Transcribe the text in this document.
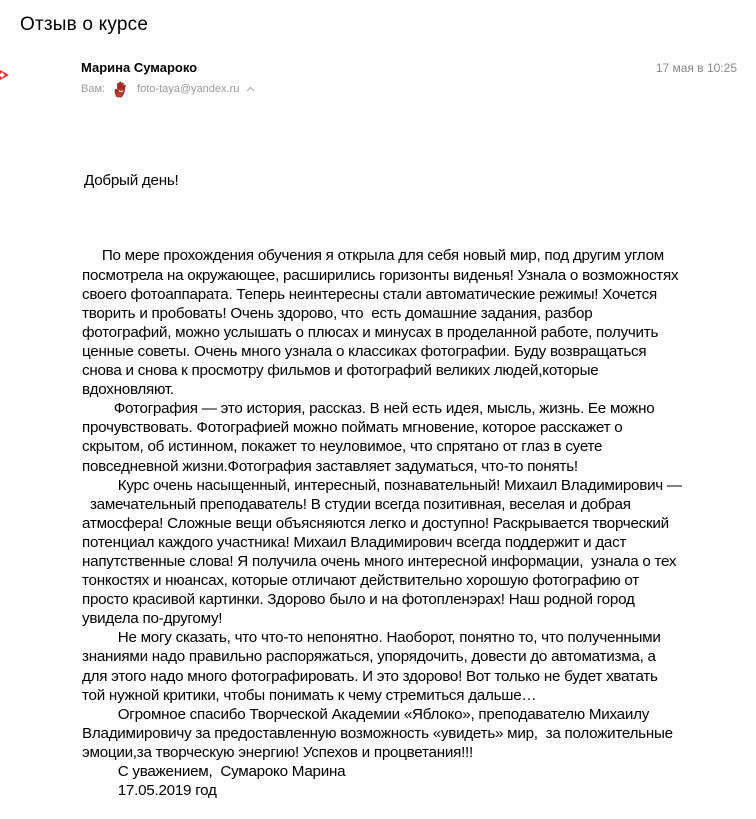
Отзыв о курсе
Марина Сумароко	17 мая в 10:25
Вам:	foto-taya@yandex.ru

Добрый день!

По мере прохождения обучения я открыла для себя новый мир, под другим углом
посмотрела на окружающее, расширились горизонты виденья! Узнала о возможностях
своего фотоаппарата. Теперь неинтересны стали автоматические режимы! Хочется
творить и пробовать! Очень здорово, что  есть домашние задания, разбор
фотографий, можно услышать о плюсах и минусах в проделанной работе, получить
ценные советы. Очень много узнала о классиках фотографии. Буду возвращаться
снова и снова к просмотру фильмов и фотографий великих людей,которые
вдохновляют.
Фотография — это история, рассказ. В ней есть идея, мысль, жизнь. Ее можно
прочувствовать. Фотографией можно поймать мгновение, которое расскажет о
скрытом, об истинном, покажет то неуловимое, что спрятано от глаз в суете
повседневной жизни.Фотография заставляет задуматься, что-то понять!
Курс очень насыщенный, интересный, познавательный! Михаил Владимирович —
замечательный преподаватель! В студии всегда позитивная, веселая и добрая
атмосфера! Сложные вещи объясняются легко и доступно! Раскрывается творческий
потенциал каждого участника! Михаил Владимирович всегда поддержит и даст
напутственные слова! Я получила очень много интересной информации,  узнала о тех
тонкостях и нюансах, которые отличают действительно хорошую фотографию от
просто красивой картинки. Здорово было и на фотопленэрах! Наш родной город
увидела по-другому!
Не могу сказать, что что-то непонятно. Наоборот, понятно то, что полученными
знаниями надо правильно распоряжаться, упорядочить, довести до автоматизма, а
для этого надо много фотографировать. И это здорово! Вот только не будет хватать
той нужной критики, чтобы понимать к чему стремиться дальше…
Огромное спасибо Творческой Академии «Яблоко», преподавателю Михаилу
Владимировичу за предоставленную возможность «увидеть» мир,  за положительные
эмоции,за творческую энергию! Успехов и процветания!!!
С уважением,  Сумароко Марина
17.05.2019 год
